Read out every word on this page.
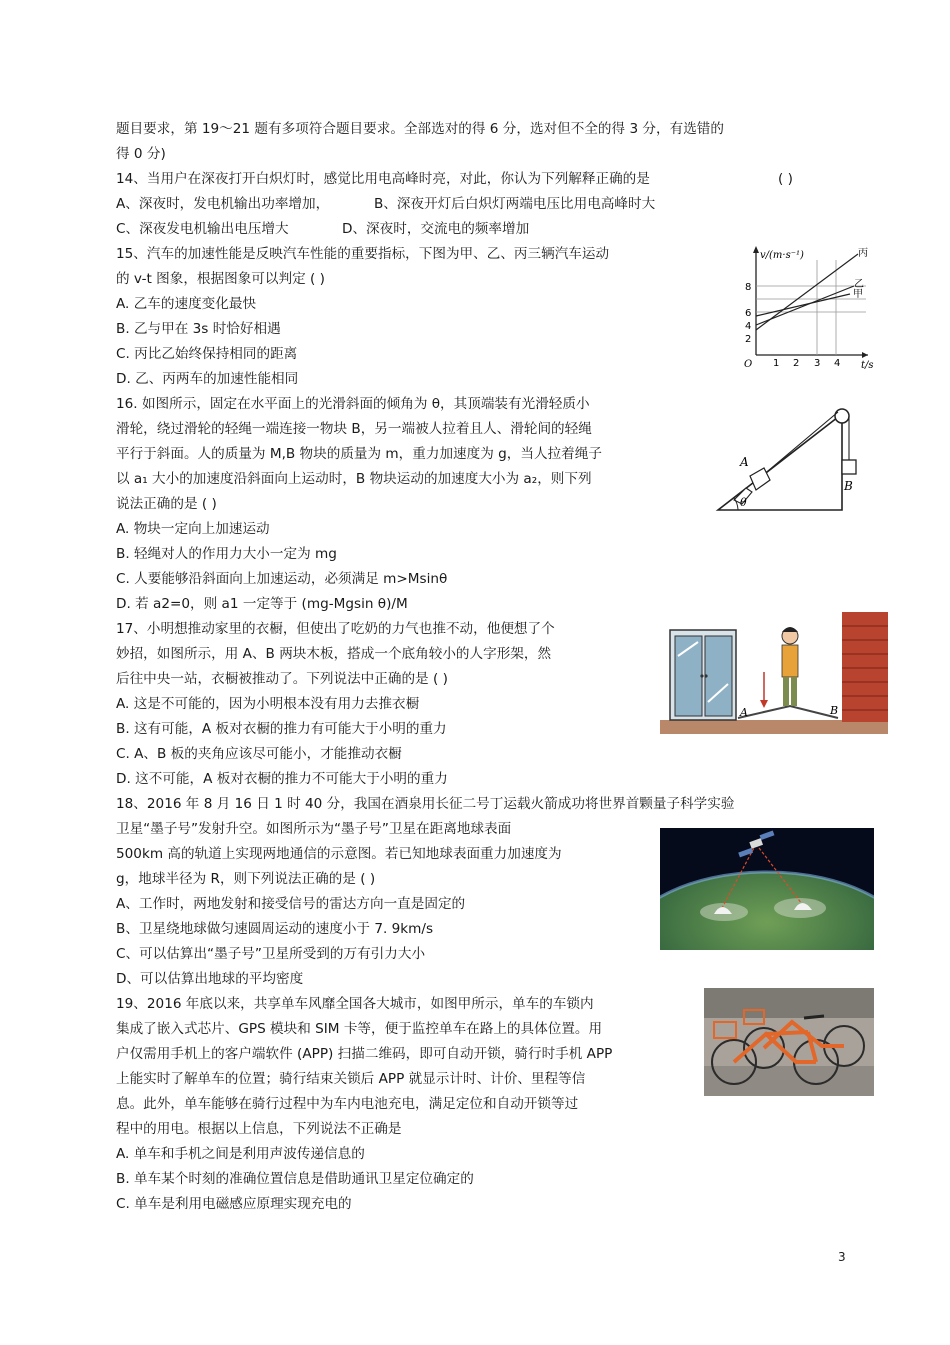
题目要求，第 19～21 题有多项符合题目要求。全部选对的得 6 分，选对但不全的得 3 分，有选错的
得 0 分)
14、当用户在深夜打开白炽灯时，感觉比用电高峰时亮，对此，你认为下列解释正确的是	( )
A、深夜时，发电机输出功率增加，	B、深夜开灯后白炽灯两端电压比用电高峰时大
C、深夜发电机输出电压增大	D、深夜时，交流电的频率增加
15、汽车的加速性能是反映汽车性能的重要指标，下图为甲、乙、丙三辆汽车运动
的 v-t 图象，根据图象可以判定 ( )
A. 乙车的速度变化最快
B. 乙与甲在 3s 时恰好相遇
C. 丙比乙始终保持相同的距离
D. 乙、丙两车的加速性能相同
v/(m·s⁻¹)
t/s
O
2
4
6
8
1 2 3 4
丙
乙
甲
16. 如图所示，固定在水平面上的光滑斜面的倾角为 θ，其顶端装有光滑轻质小
滑轮，绕过滑轮的轻绳一端连接一物块 B，另一端被人拉着且人、滑轮间的轻绳
平行于斜面。人的质量为 M,B 物块的质量为 m，重力加速度为 g，当人拉着绳子
以 a₁ 大小的加速度沿斜面向上运动时，B 物块运动的加速度大小为 a₂，则下列
说法正确的是 ( )
A. 物块一定向上加速运动
B. 轻绳对人的作用力大小一定为 mg
C. 人要能够沿斜面向上加速运动，必须满足 m>Msinθ
D. 若 a2=0，则 a1 一定等于 (mg-Mgsin θ)/M
A
B
θ
17、小明想推动家里的衣橱，但使出了吃奶的力气也推不动，他便想了个
妙招，如图所示，用 A、B 两块木板，搭成一个底角较小的人字形架，然
后往中央一站，衣橱被推动了。下列说法中正确的是 ( )
A. 这是不可能的，因为小明根本没有用力去推衣橱
B. 这有可能，A 板对衣橱的推力有可能大于小明的重力
C. A、B 板的夹角应该尽可能小，才能推动衣橱
D. 这不可能，A 板对衣橱的推力不可能大于小明的重力
A	B
18、2016 年 8 月 16 日 1 时 40 分，我国在酒泉用长征二号丁运载火箭成功将世界首颗量子科学实验
卫星“墨子号”发射升空。如图所示为“墨子号”卫星在距离地球表面
500km 高的轨道上实现两地通信的示意图。若已知地球表面重力加速度为
g，地球半径为 R，则下列说法正确的是 ( )
A、工作时，两地发射和接受信号的雷达方向一直是固定的
B、卫星绕地球做匀速圆周运动的速度小于 7. 9km/s
C、可以估算出“墨子号”卫星所受到的万有引力大小
D、可以估算出地球的平均密度
19、2016 年底以来，共享单车风靡全国各大城市，如图甲所示，单车的车锁内
集成了嵌入式芯片、GPS 模块和 SIM 卡等，便于监控单车在路上的具体位置。用
户仅需用手机上的客户端软件 (APP) 扫描二维码，即可自动开锁，骑行时手机 APP
上能实时了解单车的位置；骑行结束关锁后 APP 就显示计时、计价、里程等信
息。此外，单车能够在骑行过程中为车内电池充电，满足定位和自动开锁等过
程中的用电。根据以上信息，下列说法不正确是
A. 单车和手机之间是利用声波传递信息的
B. 单车某个时刻的准确位置信息是借助通讯卫星定位确定的
C. 单车是利用电磁感应原理实现充电的
3
